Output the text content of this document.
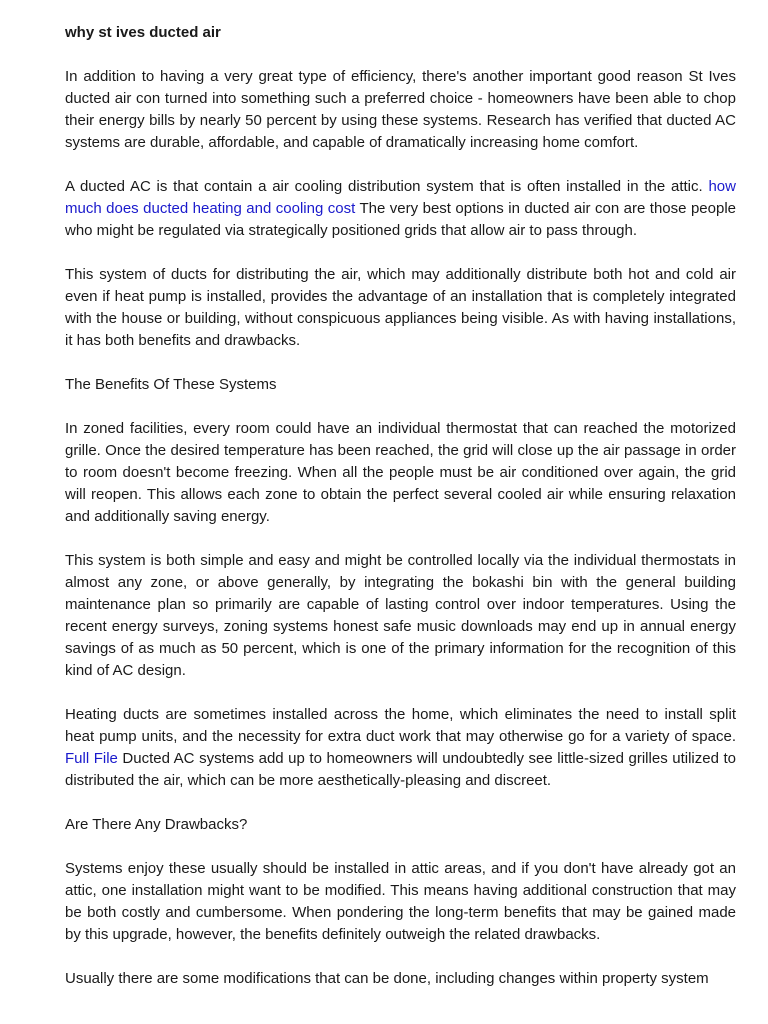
why st ives ducted air

In addition to having a very great type of efficiency, there's another important good reason St Ives ducted air con turned into something such a preferred choice - homeowners have been able to chop their energy bills by nearly 50 percent by using these systems. Research has verified that ducted AC systems are durable, affordable, and capable of dramatically increasing home comfort.

A ducted AC is that contain a air cooling distribution system that is often installed in the attic. how much does ducted heating and cooling cost The very best options in ducted air con are those people who might be regulated via strategically positioned grids that allow air to pass through.

This system of ducts for distributing the air, which may additionally distribute both hot and cold air even if heat pump is installed, provides the advantage of an installation that is completely integrated with the house or building, without conspicuous appliances being visible. As with having installations, it has both benefits and drawbacks.

The Benefits Of These Systems

In zoned facilities, every room could have an individual thermostat that can reached the motorized grille. Once the desired temperature has been reached, the grid will close up the air passage in order to room doesn't become freezing. When all the people must be air conditioned over again, the grid will reopen. This allows each zone to obtain the perfect several cooled air while ensuring relaxation and additionally saving energy.

This system is both simple and easy and might be controlled locally via the individual thermostats in almost any zone, or above generally, by integrating the bokashi bin with the general building maintenance plan so primarily are capable of lasting control over indoor temperatures. Using the recent energy surveys, zoning systems honest safe music downloads may end up in annual energy savings of as much as 50 percent, which is one of the primary information for the recognition of this kind of AC design.

Heating ducts are sometimes installed across the home, which eliminates the need to install split heat pump units, and the necessity for extra duct work that may otherwise go for a variety of space. Full File Ducted AC systems add up to homeowners will undoubtedly see little-sized grilles utilized to distributed the air, which can be more aesthetically-pleasing and discreet.

Are There Any Drawbacks?

Systems enjoy these usually should be installed in attic areas, and if you don't have already got an attic, one installation might want to be modified. This means having additional construction that may be both costly and cumbersome. When pondering the long-term benefits that may be gained made by this upgrade, however, the benefits definitely outweigh the related drawbacks.

Usually there are some modifications that can be done, including changes within property system
